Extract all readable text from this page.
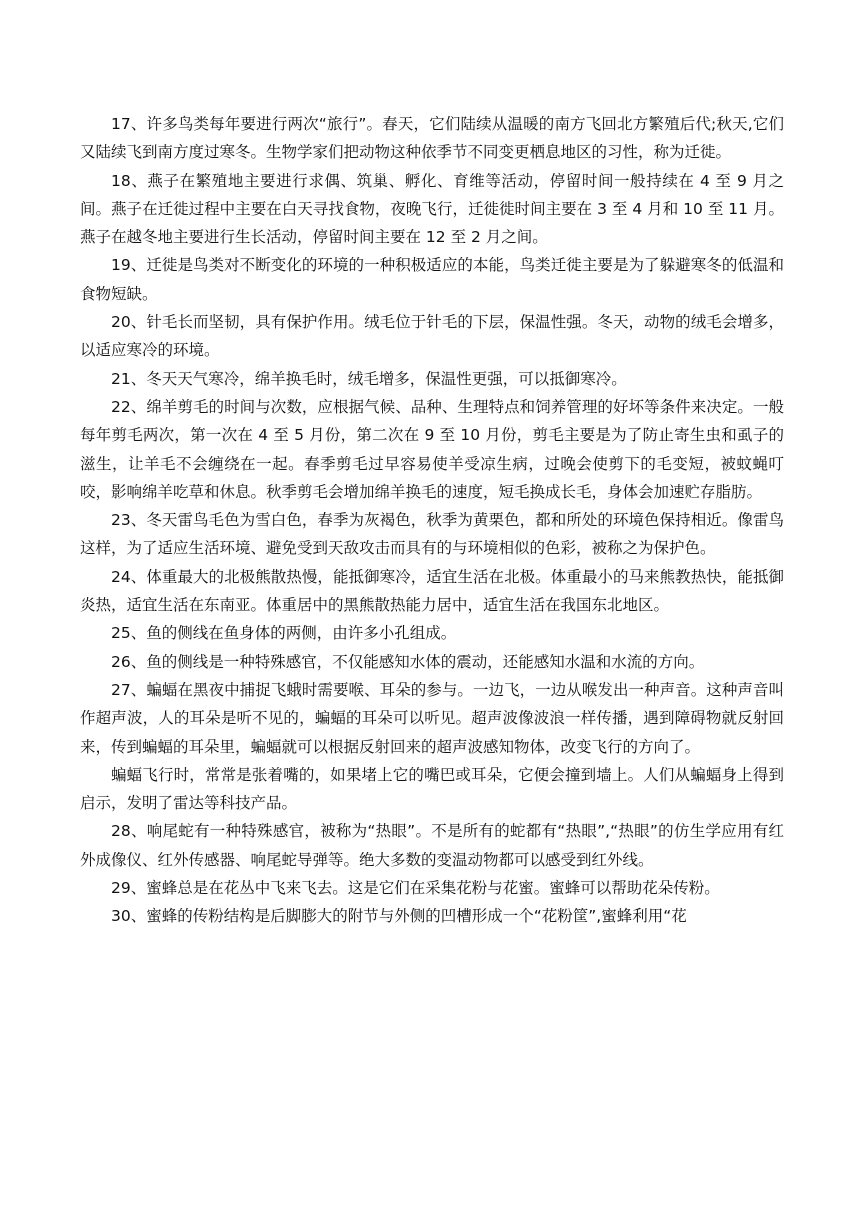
17、许多鸟类每年要进行两次“旅行”。春天，它们陆续从温暖的南方飞回北方繁殖后代;秋天,它们又陆续飞到南方度过寒冬。生物学家们把动物这种依季节不同变更栖息地区的习性，称为迁徙。

18、燕子在繁殖地主要进行求偶、筑巢、孵化、育维等活动，停留时间一般持续在 4 至 9 月之间。燕子在迁徙过程中主要在白天寻找食物，夜晚飞行，迁徙徙时间主要在 3 至 4 月和 10 至 11 月。燕子在越冬地主要进行生长活动，停留时间主要在 12 至 2 月之间。

19、迁徙是鸟类对不断变化的环境的一种积极适应的本能，鸟类迁徙主要是为了躲避寒冬的低温和食物短缺。

20、针毛长而坚韧，具有保护作用。绒毛位于针毛的下层，保温性强。冬天，动物的绒毛会增多，以适应寒冷的环境。

21、冬天天气寒冷，绵羊换毛时，绒毛增多，保温性更强，可以抵御寒冷。

22、绵羊剪毛的时间与次数，应根据气候、品种、生理特点和饲养管理的好坏等条件来决定。一般每年剪毛两次，第一次在 4 至 5 月份，第二次在 9 至 10 月份，剪毛主要是为了防止寄生虫和虱子的滋生，让羊毛不会缠绕在一起。春季剪毛过早容易使羊受凉生病，过晚会使剪下的毛变短，被蚊蝇叮咬，影响绵羊吃草和休息。秋季剪毛会增加绵羊换毛的速度，短毛换成长毛，身体会加速贮存脂肪。

23、冬天雷鸟毛色为雪白色，春季为灰褐色，秋季为黄栗色，都和所处的环境色保持相近。像雷鸟这样，为了适应生活环境、避免受到天敌攻击而具有的与环境相似的色彩，被称之为保护色。

24、体重最大的北极熊散热慢，能抵御寒冷，适宜生活在北极。体重最小的马来熊教热快，能抵御炎热，适宜生活在东南亚。体重居中的黑熊散热能力居中，适宜生活在我国东北地区。

25、鱼的侧线在鱼身体的两侧，由许多小孔组成。

26、鱼的侧线是一种特殊感官，不仅能感知水体的震动，还能感知水温和水流的方向。

27、蝙蝠在黑夜中捕捉飞蛾时需要喉、耳朵的参与。一边飞，一边从喉发出一种声音。这种声音叫作超声波，人的耳朵是听不见的，蝙蝠的耳朵可以听见。超声波像波浪一样传播，遇到障碍物就反射回来，传到蝙蝠的耳朵里，蝙蝠就可以根据反射回来的超声波感知物体，改变飞行的方向了。

蝙蝠飞行时，常常是张着嘴的，如果堵上它的嘴巴或耳朵，它便会撞到墙上。人们从蝙蝠身上得到启示，发明了雷达等科技产品。

28、响尾蛇有一种特殊感官，被称为“热眼”。不是所有的蛇都有“热眼”,“热眼”的仿生学应用有红外成像仪、红外传感器、响尾蛇导弹等。绝大多数的变温动物都可以感受到红外线。

29、蜜蜂总是在花丛中飞来飞去。这是它们在采集花粉与花蜜。蜜蜂可以帮助花朵传粉。

30、蜜蜂的传粉结构是后脚膨大的附节与外侧的凹槽形成一个“花粉筐”,蜜蜂利用“花
